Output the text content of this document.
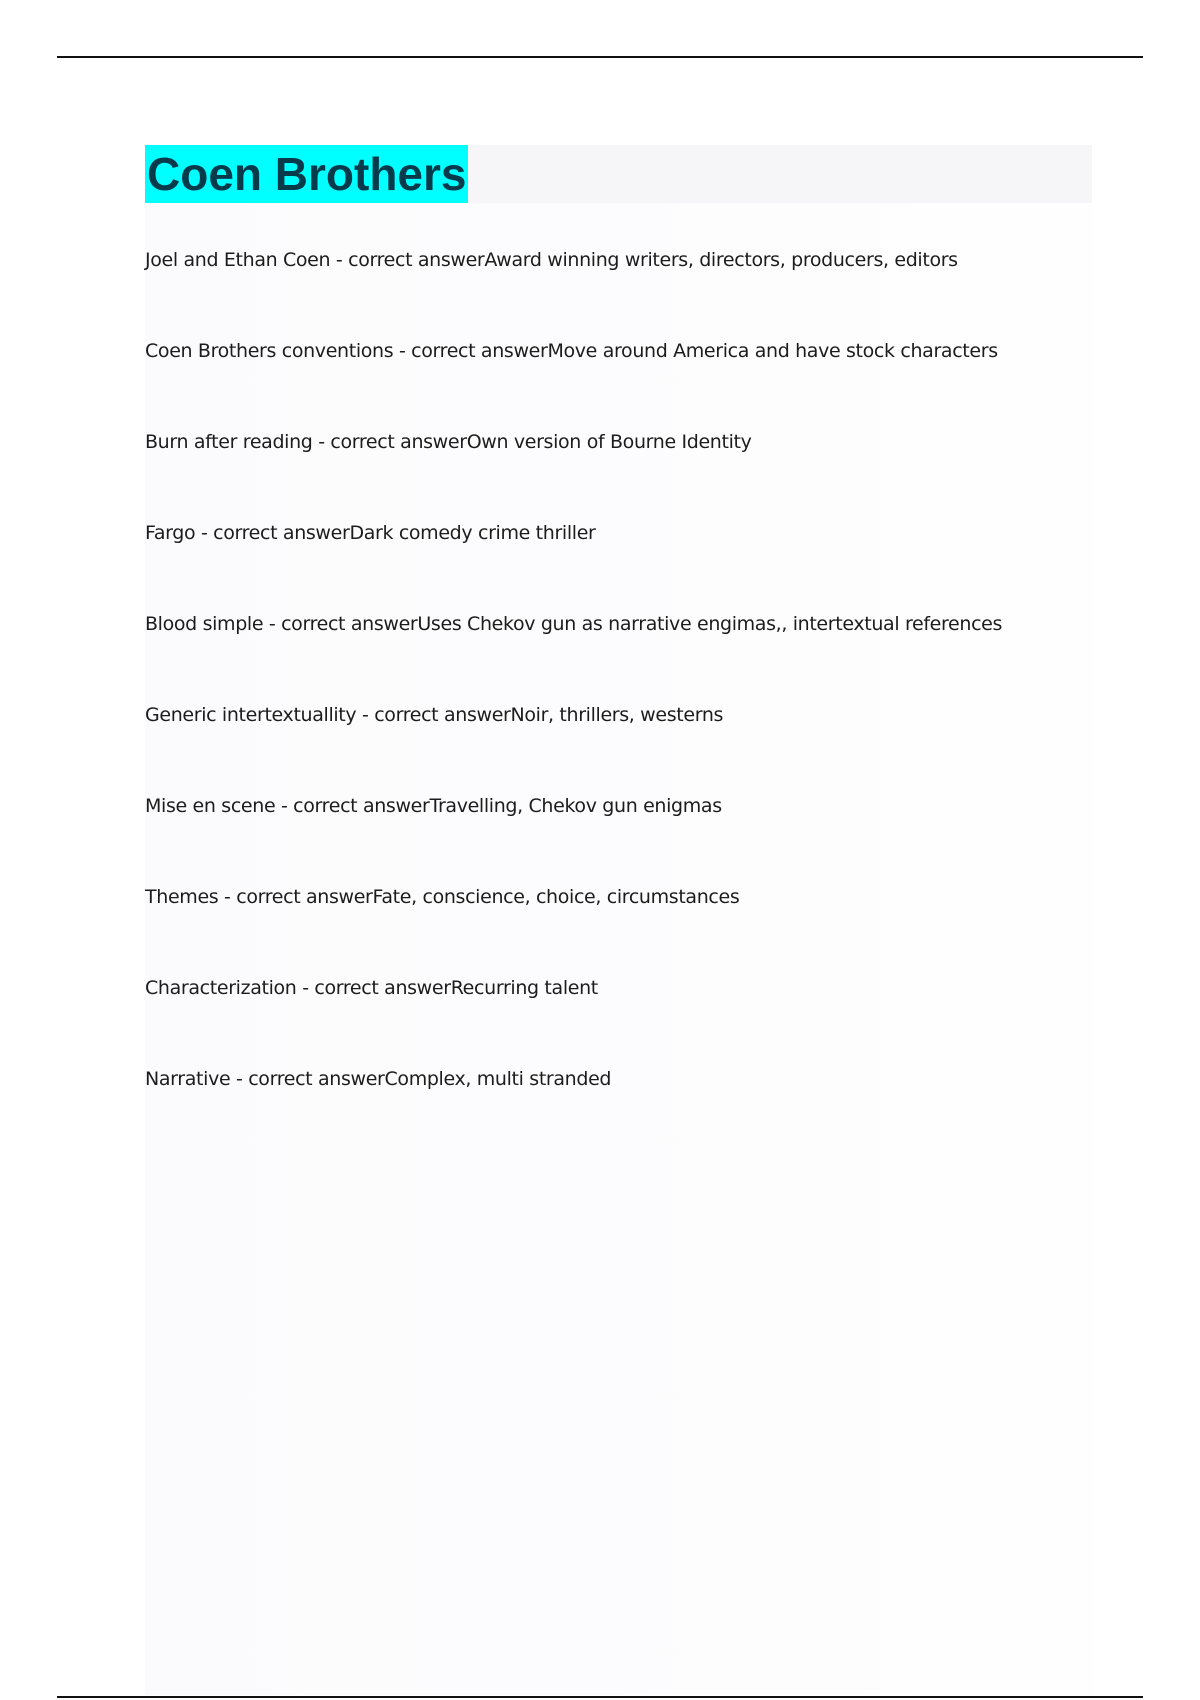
Coen Brothers
Joel and Ethan Coen - correct answerAward winning writers, directors, producers, editors
Coen Brothers conventions - correct answerMove around America and have stock characters
Burn after reading - correct answerOwn version of Bourne Identity
Fargo - correct answerDark comedy crime thriller
Blood simple - correct answerUses Chekov gun as narrative engimas,, intertextual references
Generic intertextuallity - correct answerNoir, thrillers, westerns
Mise en scene - correct answerTravelling, Chekov gun enigmas
Themes - correct answerFate, conscience, choice, circumstances
Characterization - correct answerRecurring talent
Narrative - correct answerComplex, multi stranded
